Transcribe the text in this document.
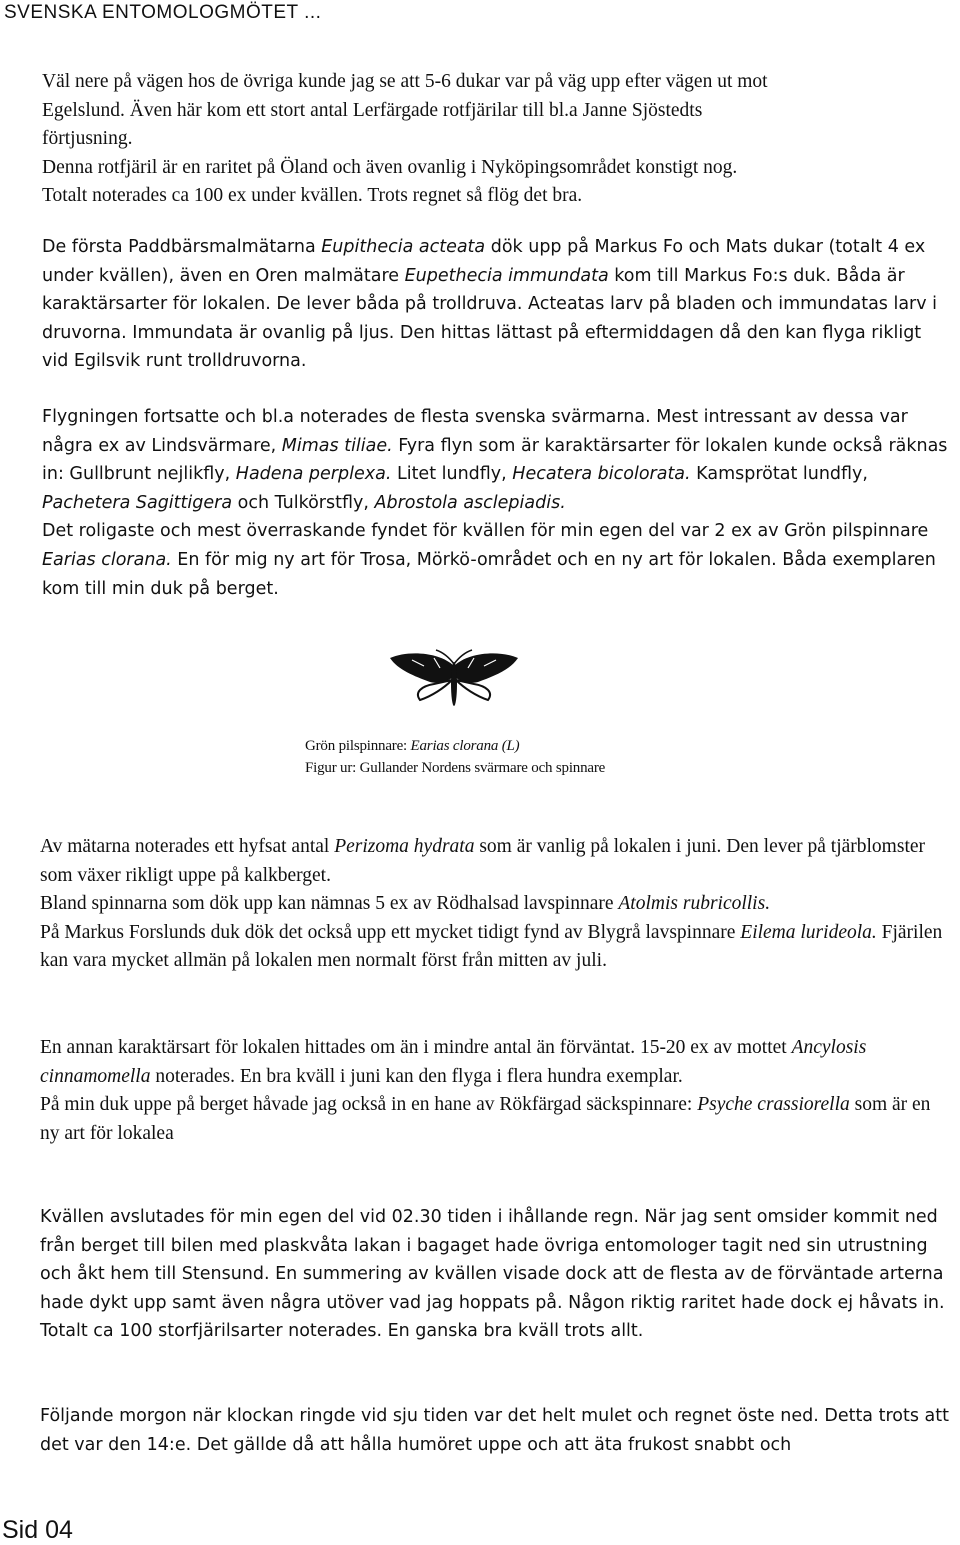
SVENSKA ENTOMOLOGMÖTET ...
Väl nere på vägen hos de övriga kunde jag se att 5-6 dukar var på väg upp efter vägen ut mot
Egelslund. Även här kom ett stort antal Lerfärgade rotfjärilar till bl.a Janne Sjöstedts
förtjusning.
Denna rotfjäril är en raritet på Öland och även ovanlig i Nyköpingsområdet konstigt nog.
Totalt noterades ca 100 ex under kvällen. Trots regnet så flög det bra.
De första Paddbärsmalmätarna Eupithecia acteata dök upp på Markus Fo och Mats dukar (totalt 4 ex under kvällen), även en Oren malmätare Eupethecia immundata kom till Markus Fo:s duk. Båda är karaktärsarter för lokalen. De lever båda på trolldruva. Acteatas larv på bladen och immundatas larv i druvorna. Immundata är ovanlig på ljus. Den hittas lättast på eftermiddagen då den kan flyga rikligt vid Egilsvik runt trolldruvorna.
Flygningen fortsatte och bl.a noterades de flesta svenska svärmarna. Mest intressant av dessa var några ex av Lindsvärmare, Mimas tiliae. Fyra flyn som är karaktärsarter för lokalen kunde också räknas in: Gullbrunt nejlikfly, Hadena perplexa. Litet lundfly, Hecatera bicolorata. Kamsprötat lundfly, Pachetera Sagittigera och Tulkörstfly, Abrostola asclepiadis.
Det roligaste och mest överraskande fyndet för kvällen för min egen del var 2 ex av Grön pilspinnare Earias clorana. En för mig ny art för Trosa, Mörkö-området och en ny art för lokalen. Båda exemplaren kom till min duk på berget.
Grön pilspinnare: Earias clorana (L)
Figur ur: Gullander Nordens svärmare och spinnare
Av mätarna noterades ett hyfsat antal Perizoma hydrata som är vanlig på lokalen i juni. Den lever på tjärblomster som växer rikligt uppe på kalkberget.
Bland spinnarna som dök upp kan nämnas 5 ex av Rödhalsad lavspinnare Atolmis rubricollis.
På Markus Forslunds duk dök det också upp ett mycket tidigt fynd av Blygrå lavspinnare Eilema lurideola. Fjärilen kan vara mycket allmän på lokalen men normalt först från mitten av juli.
En annan karaktärsart för lokalen hittades om än i mindre antal än förväntat. 15-20 ex av mottet Ancylosis cinnamomella noterades. En bra kväll i juni kan den flyga i flera hundra exemplar.
På min duk uppe på berget håvade jag också in en hane av Rökfärgad säckspinnare: Psyche crassiorella som är en ny art för lokalea
Kvällen avslutades för min egen del vid 02.30 tiden i ihållande regn. När jag sent omsider kommit ned från berget till bilen med plaskvåta lakan i bagaget hade övriga entomologer tagit ned sin utrustning och åkt hem till Stensund. En summering av kvällen visade dock att de flesta av de förväntade arterna hade dykt upp samt även några utöver vad jag hoppats på. Någon riktig raritet hade dock ej håvats in. Totalt ca 100 storfjärilsarter noterades. En ganska bra kväll trots allt.
Följande morgon när klockan ringde vid sju tiden var det helt mulet och regnet öste ned. Detta trots att det var den 14:e. Det gällde då att hålla humöret uppe och att äta frukost snabbt och
Sid 04
